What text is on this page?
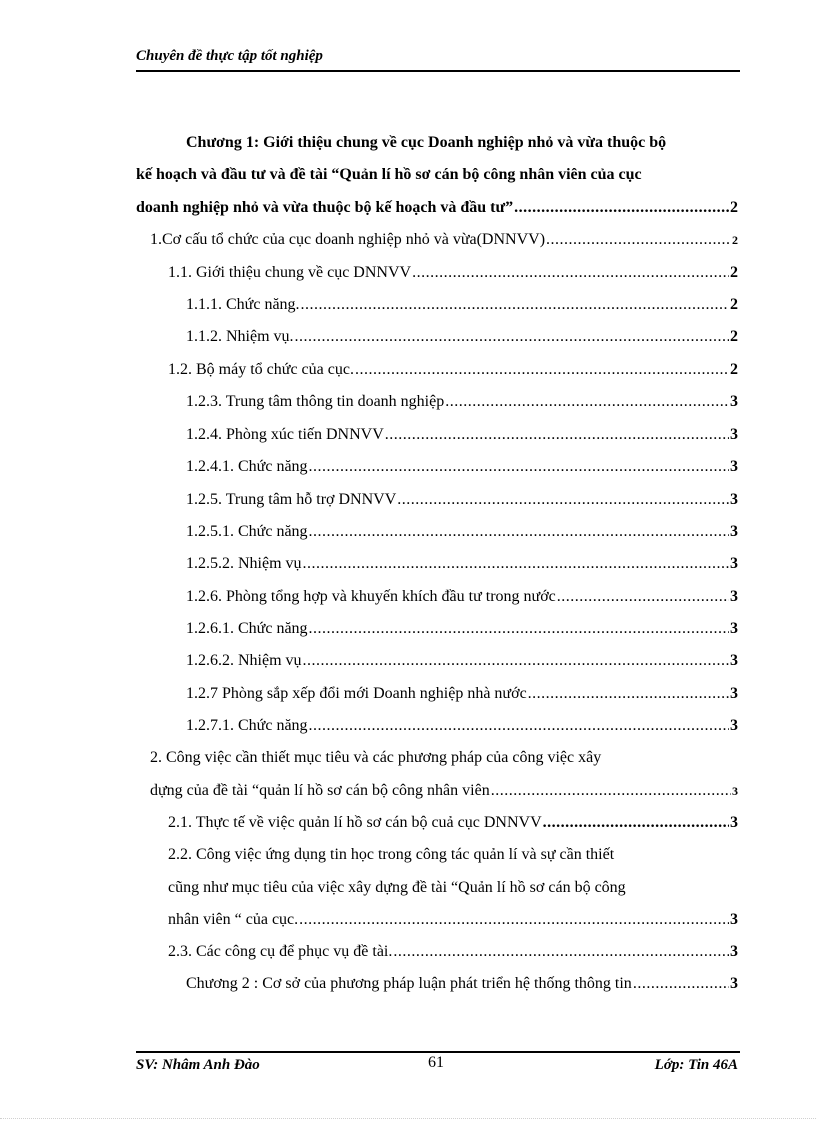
Chuyên đề thực tập tốt nghiệp
Chương 1: Giới thiệu chung về cục Doanh nghiệp nhỏ và vừa thuộc bộ
kế hoạch và đầu tư và đề tài “Quản lí hồ sơ cán bộ công nhân viên của cục
doanh nghiệp nhỏ và vừa thuộc bộ kế hoạch và đầu tư” .....	2
1.Cơ cấu tổ chức của cục doanh nghiệp nhỏ và vừa(DNNVV) .....	2
1.1. Giới thiệu chung về cục DNNVV .....	2
1.1.1. Chức năng. .....	2
1.1.2. Nhiệm vụ. .....	2
1.2. Bộ máy tổ chức của cục. .....	2
1.2.3. Trung tâm thông tin doanh nghiệp .....	3
1.2.4. Phòng xúc tiến DNNVV .....	3
1.2.4.1. Chức năng .....	3
1.2.5. Trung tâm hỗ trợ DNNVV .....	3
1.2.5.1. Chức năng .....	3
1.2.5.2. Nhiệm vụ .....	3
1.2.6. Phòng tổng hợp và khuyến khích đầu tư trong nước .....	3
1.2.6.1. Chức năng .....	3
1.2.6.2. Nhiệm vụ .....	3
1.2.7 Phòng sắp xếp đổi mới Doanh nghiệp nhà nước .....	3
1.2.7.1. Chức năng .....	3
2. Công việc cần thiết mục tiêu và các phương pháp của công việc xây
dựng của đề tài “quản lí hồ sơ cán bộ công nhân viên .....	3
2.1. Thực tế về việc quản lí hồ sơ cán bộ cuả cục DNNVV .....	3
2.2. Công việc ứng dụng tin học trong công tác quản lí và sự cần thiết
cũng như mục tiêu của việc xây dựng đề tài “Quản lí hồ sơ cán bộ công
nhân viên “ của cục. .....	3
2.3. Các công cụ để phục vụ đề tài. .....	3
Chương 2 : Cơ sở của phương pháp luận phát triển hệ thống thông tin .....	3
SV: Nhâm Anh Đào	61	Lớp: Tin 46A
